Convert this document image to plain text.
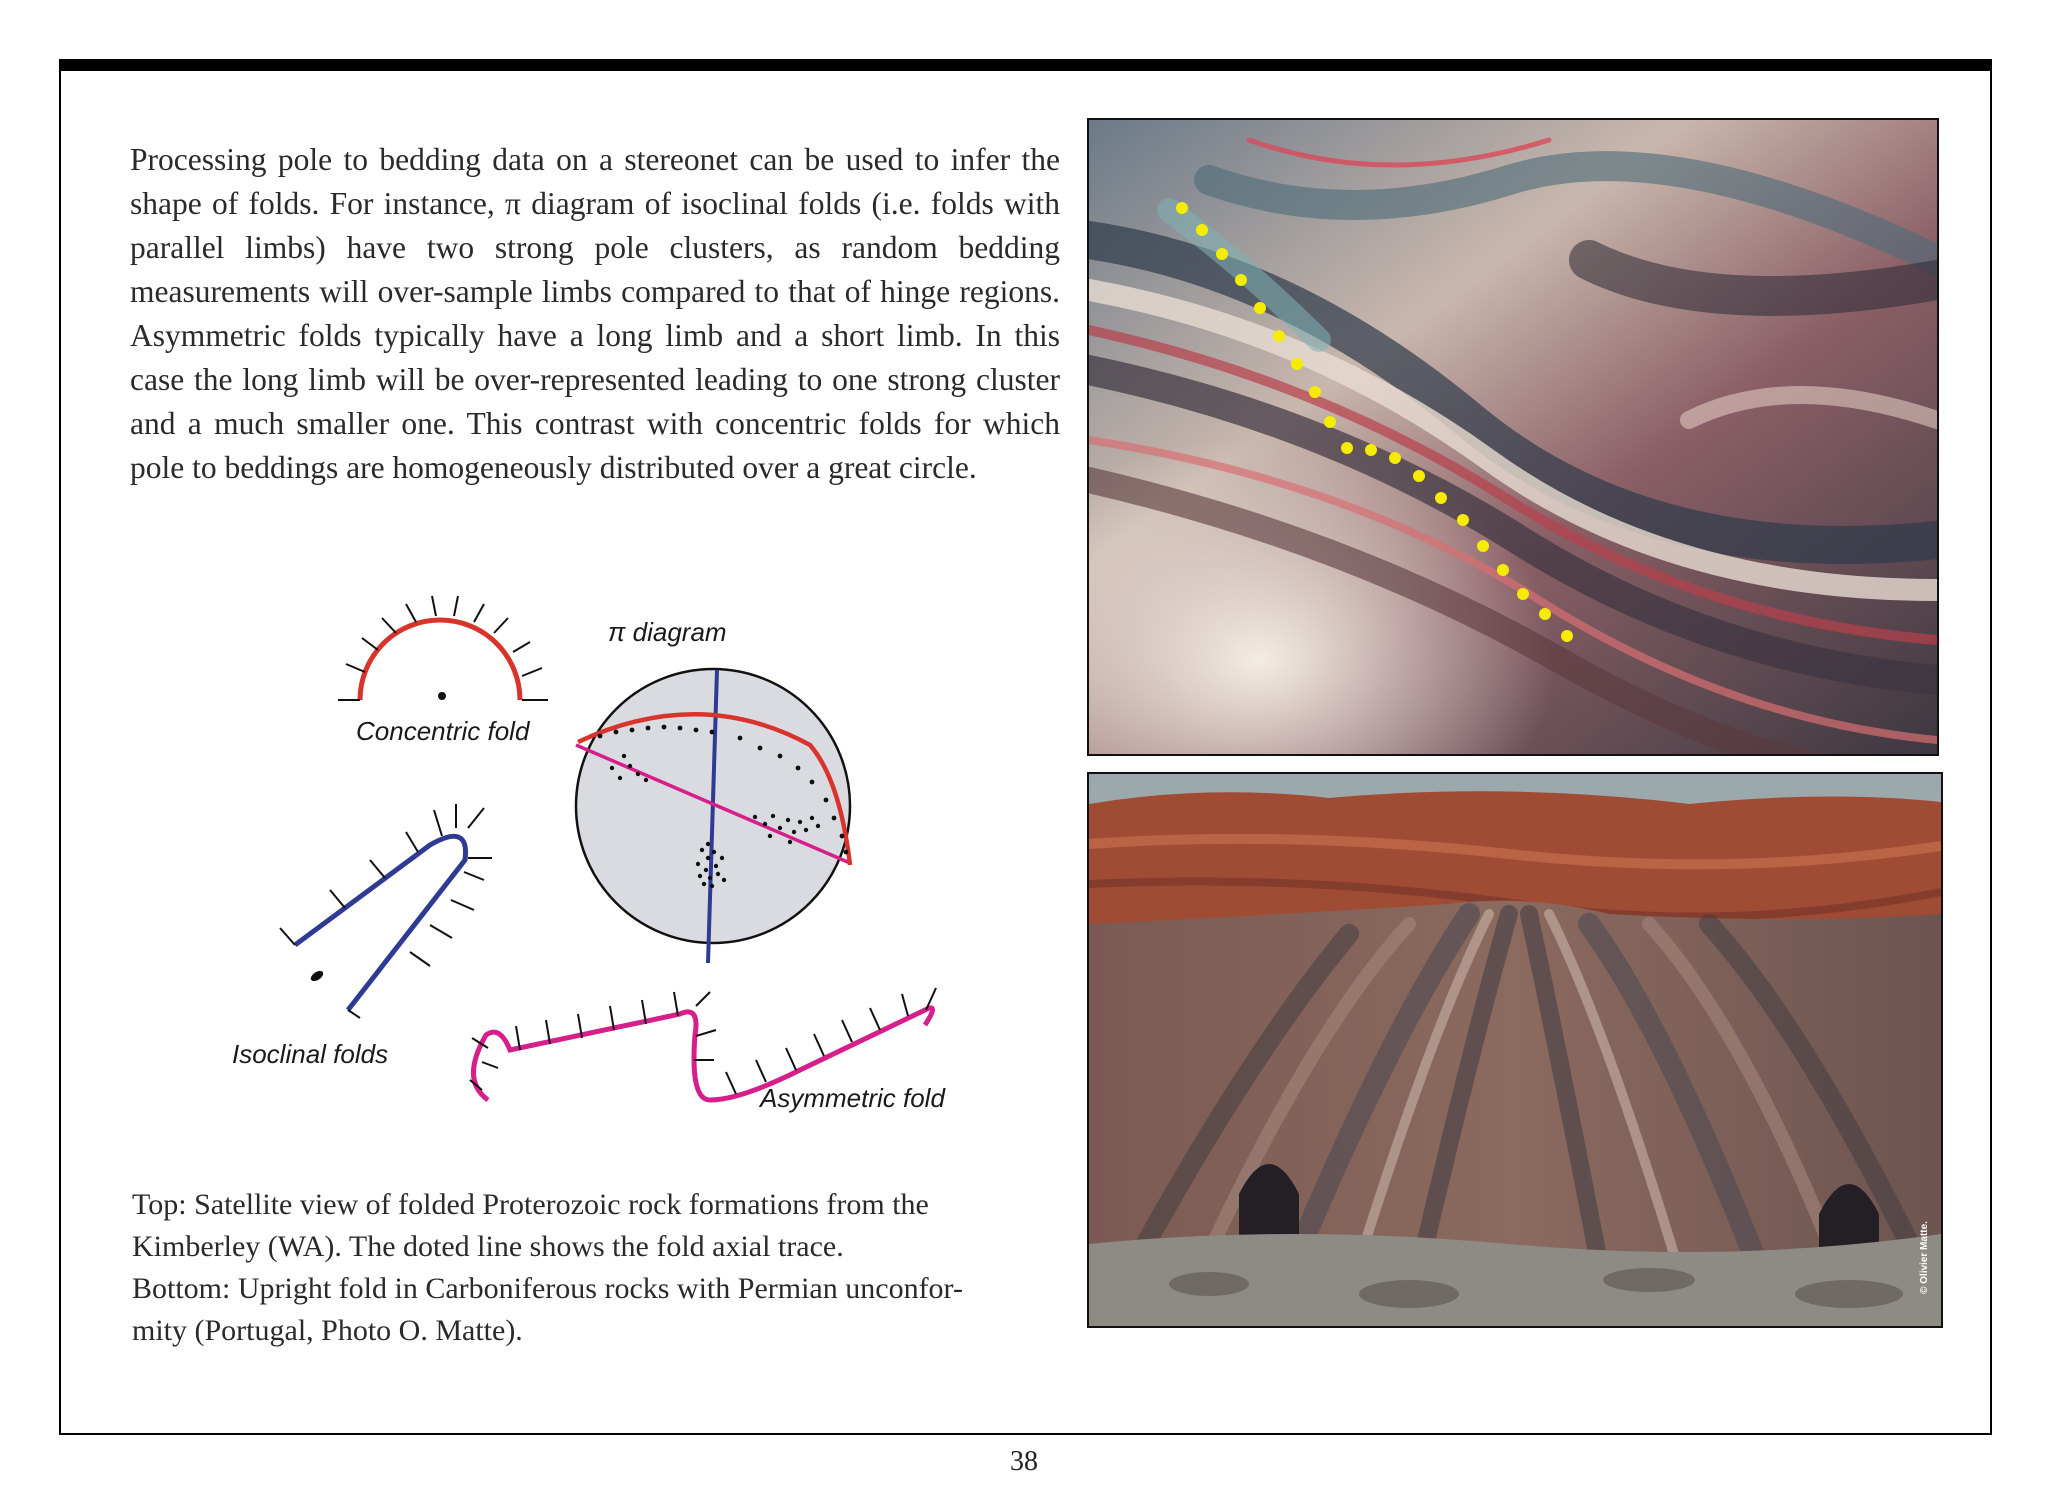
Processing pole to bedding data on a stereonet can be used to infer the shape of folds. For instance, π diagram of isoclinal folds (i.e. folds with parallel limbs) have two strong pole clusters, as random bedding measurements will over-sample limbs compared to that of hinge regions. Asymmetric folds typically have a long limb and a short limb. In this case the long limb will be over-represented leading to one strong cluster and a much smaller one. This contrast with concentric folds for which pole to beddings are homogeneously distributed over a great circle.

Concentric fold
π diagram
Isoclinal folds
Asymmetric fold
© Olivier Matte.
Top: Satellite view of folded Proterozoic rock formations from the
Kimberley (WA). The doted line shows the fold axial trace.
Bottom: Upright fold in Carboniferous rocks with Permian unconfor-
mity (Portugal, Photo O. Matte).
38
